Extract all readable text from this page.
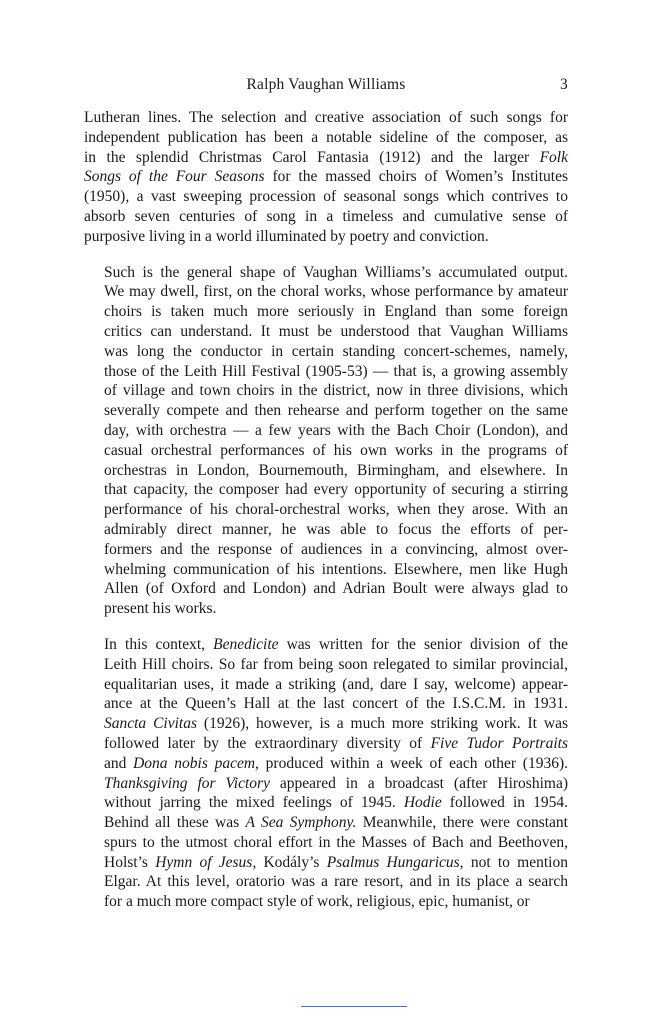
Ralph Vaughan Williams	3

Lutheran lines. The selection and creative association of such songs for
independent publication has been a notable sideline of the composer, as
in the splendid Christmas Carol Fantasia (1912) and the larger Folk
Songs of the Four Seasons for the massed choirs of Women’s Institutes
(1950), a vast sweeping procession of seasonal songs which contrives to
absorb seven centuries of song in a timeless and cumulative sense of
purposive living in a world illuminated by poetry and conviction.

Such is the general shape of Vaughan Williams’s accumulated output.
We may dwell, first, on the choral works, whose performance by amateur
choirs is taken much more seriously in England than some foreign
critics can understand. It must be understood that Vaughan Williams
was long the conductor in certain standing concert-schemes, namely,
those of the Leith Hill Festival (1905-53) — that is, a growing assembly
of village and town choirs in the district, now in three divisions, which
severally compete and then rehearse and perform together on the same
day, with orchestra — a few years with the Bach Choir (London), and
casual orchestral performances of his own works in the programs of
orchestras in London, Bournemouth, Birmingham, and elsewhere. In
that capacity, the composer had every opportunity of securing a stirring
performance of his choral-orchestral works, when they arose. With an
admirably direct manner, he was able to focus the efforts of per-
formers and the response of audiences in a convincing, almost over-
whelming communication of his intentions. Elsewhere, men like Hugh
Allen (of Oxford and London) and Adrian Boult were always glad to
present his works.

In this context, Benedicite was written for the senior division of the
Leith Hill choirs. So far from being soon relegated to similar provincial,
equalitarian uses, it made a striking (and, dare I say, welcome) appear-
ance at the Queen’s Hall at the last concert of the I.S.C.M. in 1931.
Sancta Civitas (1926), however, is a much more striking work. It was
followed later by the extraordinary diversity of Five Tudor Portraits
and Dona nobis pacem, produced within a week of each other (1936).
Thanksgiving for Victory appeared in a broadcast (after Hiroshima)
without jarring the mixed feelings of 1945. Hodie followed in 1954.
Behind all these was A Sea Symphony. Meanwhile, there were constant
spurs to the utmost choral effort in the Masses of Bach and Beethoven,
Holst’s Hymn of Jesus, Kodály’s Psalmus Hungaricus, not to mention
Elgar. At this level, oratorio was a rare resort, and in its place a search
for a much more compact style of work, religious, epic, humanist, or
